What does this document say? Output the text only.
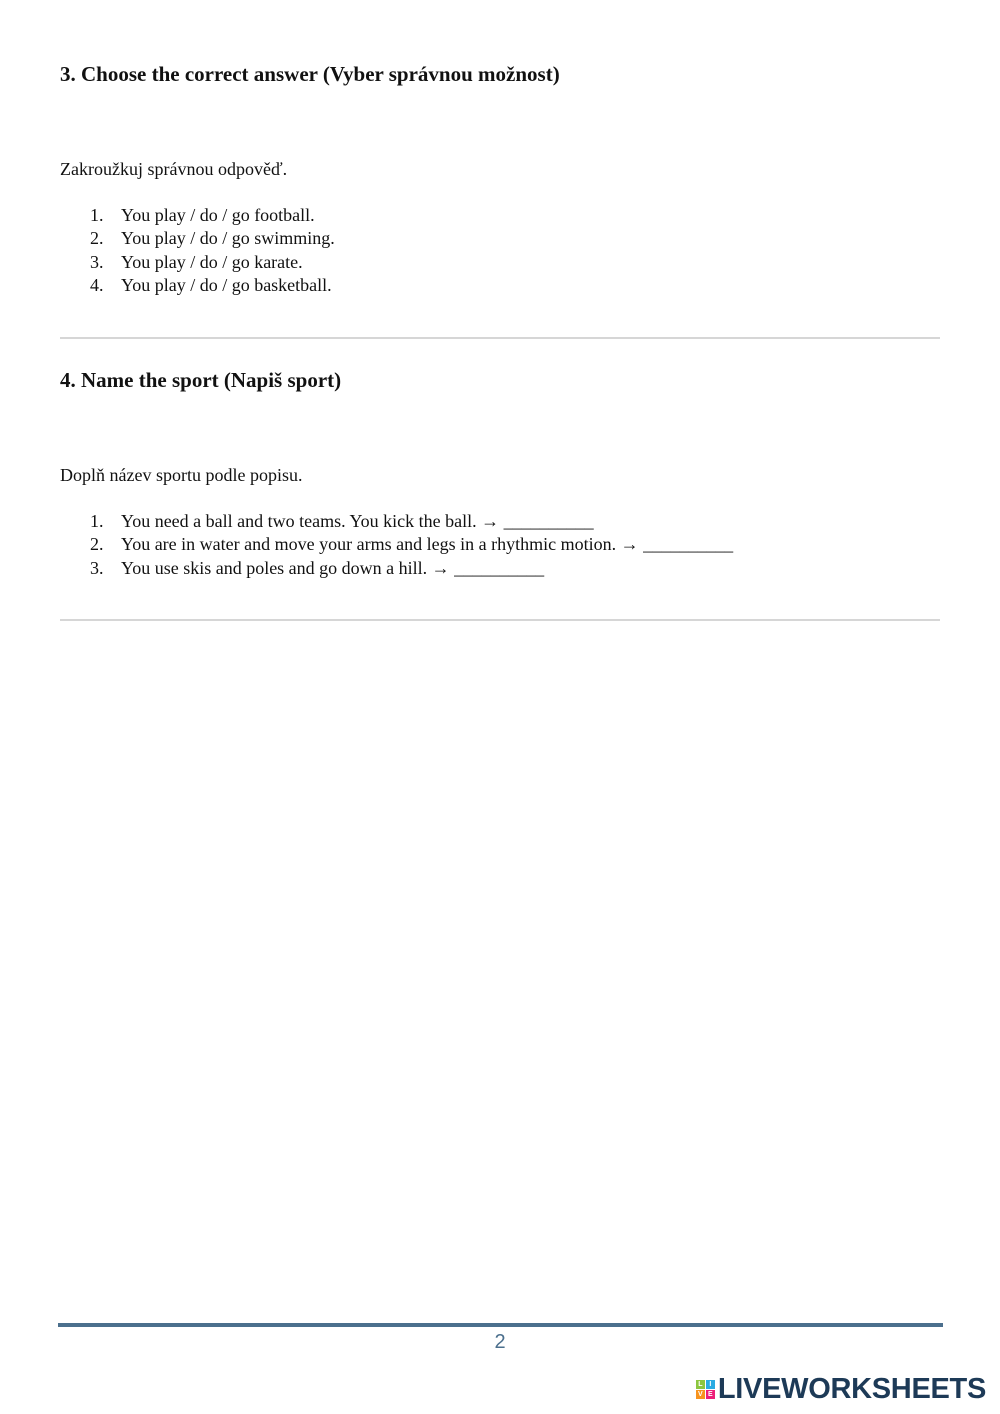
3. Choose the correct answer (Vyber správnou možnost)

Zakroužkuj správnou odpověď.

1. You play / do / go football.
2. You play / do / go swimming.
3. You play / do / go karate.
4. You play / do / go basketball.
4. Name the sport (Napiš sport)

Doplň název sportu podle popisu.

1. You need a ball and two teams. You kick the ball. → __________
2. You are in water and move your arms and legs in a rhythmic motion. → __________
3. You use skis and poles and go down a hill. → __________
2
L I
V E LIVEWORKSHEETS
